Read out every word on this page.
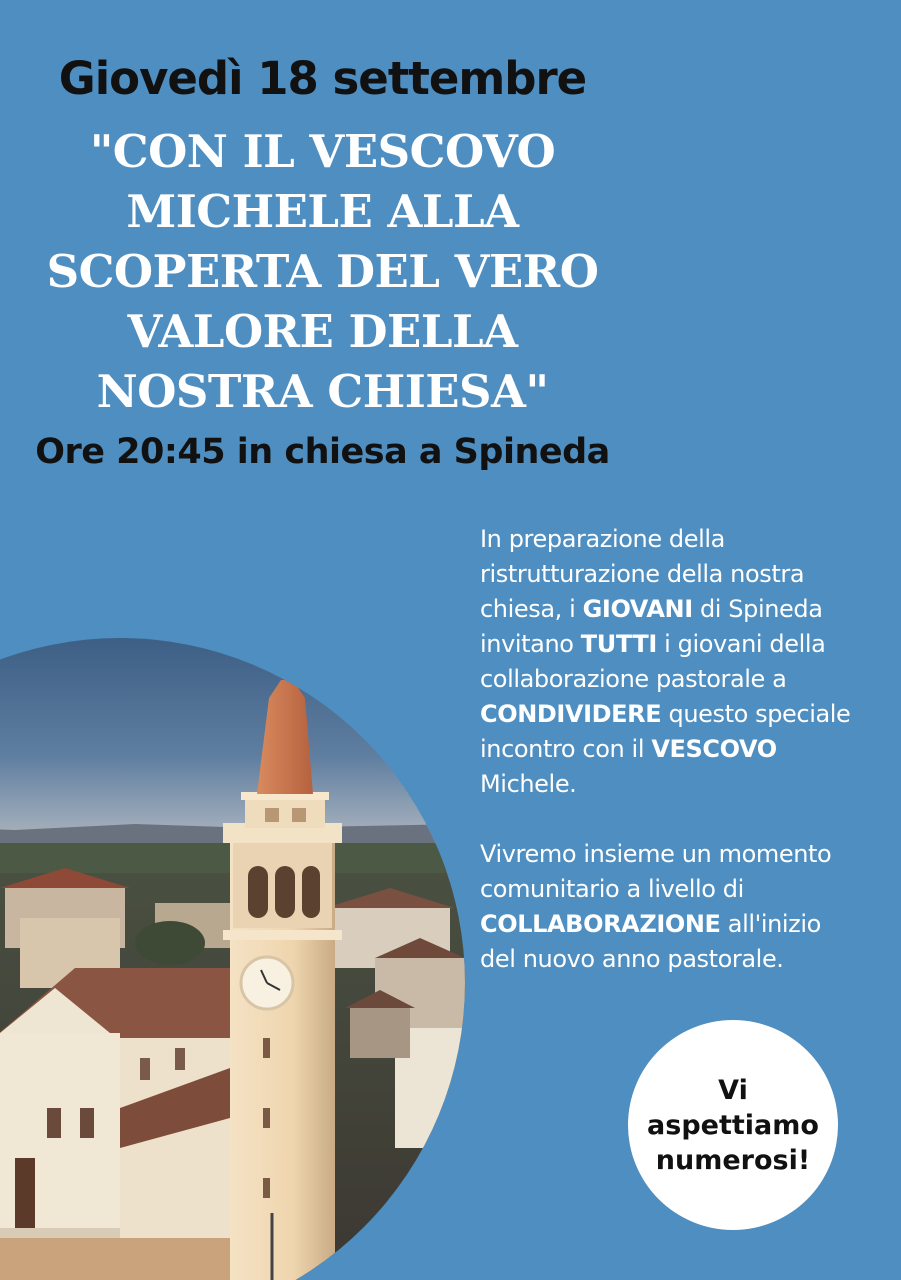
Giovedì 18 settembre
"CON IL VESCOVO
MICHELE ALLA
SCOPERTA DEL VERO
VALORE DELLA
NOSTRA CHIESA"
Ore 20:45 in chiesa a Spineda
In preparazione della
ristrutturazione della nostra
chiesa, i GIOVANI di Spineda
invitano TUTTI i giovani della
collaborazione pastorale a
CONDIVIDERE questo speciale
incontro con il VESCOVO
Michele.
Vivremo insieme un momento
comunitario a livello di
COLLABORAZIONE all'inizio
del nuovo anno pastorale.
Vi
aspettiamo
numerosi!
